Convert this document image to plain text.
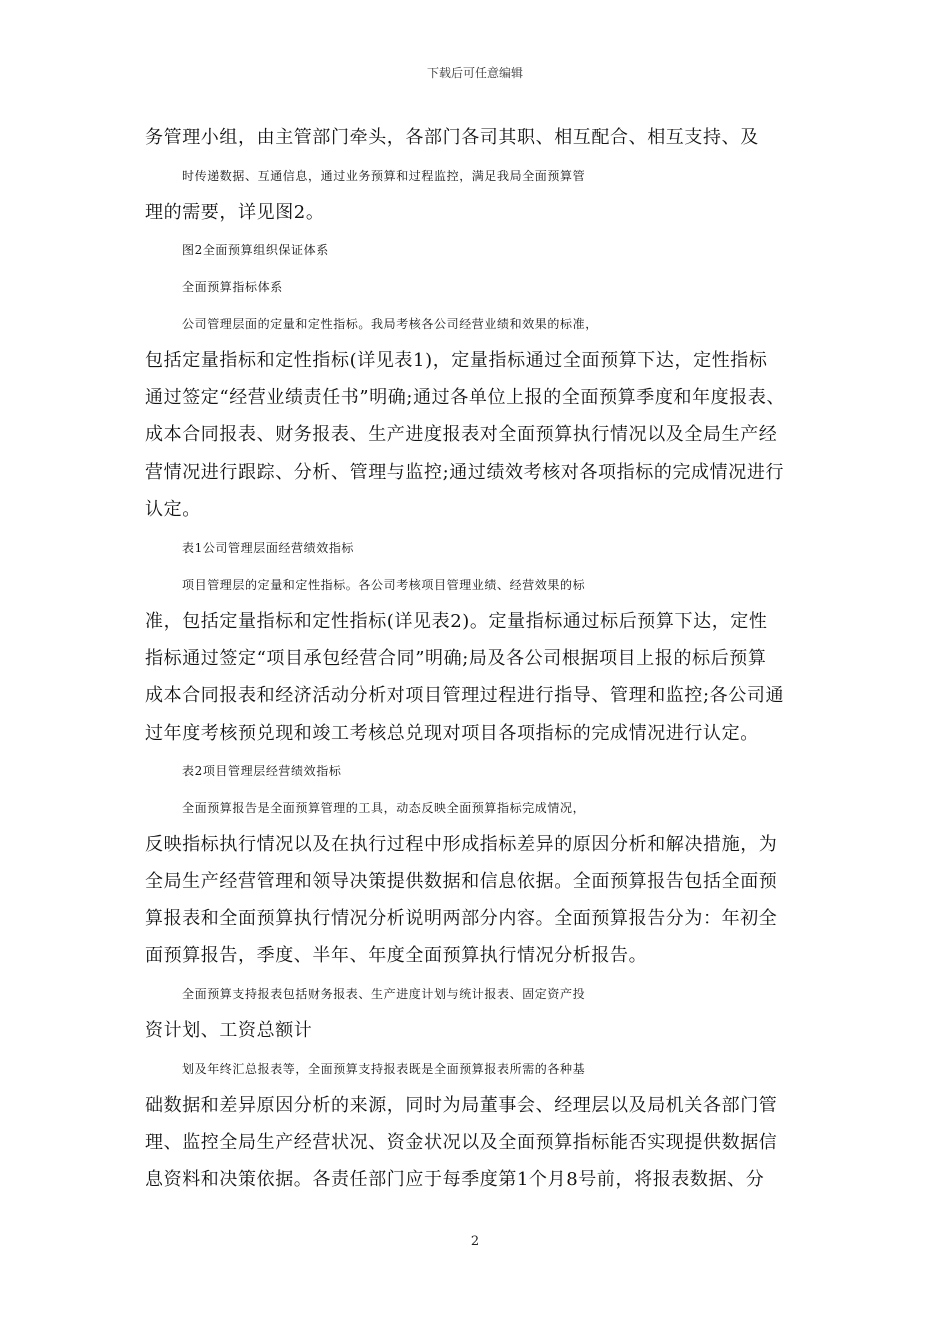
下载后可任意编辑
务管理小组，由主管部门牵头，各部门各司其职、相互配合、相互支持、及
时传递数据、互通信息，通过业务预算和过程监控，满足我局全面预算管
理的需要，详见图2。
图2全面预算组织保证体系
全面预算指标体系
公司管理层面的定量和定性指标。我局考核各公司经营业绩和效果的标准，
包括定量指标和定性指标(详见表1)，定量指标通过全面预算下达，定性指标
通过签定“经营业绩责任书”明确;通过各单位上报的全面预算季度和年度报表、
成本合同报表、财务报表、生产进度报表对全面预算执行情况以及全局生产经
营情况进行跟踪、分析、管理与监控;通过绩效考核对各项指标的完成情况进行
认定。
表1公司管理层面经营绩效指标
项目管理层的定量和定性指标。各公司考核项目管理业绩、经营效果的标
准，包括定量指标和定性指标(详见表2)。定量指标通过标后预算下达，定性
指标通过签定“项目承包经营合同”明确;局及各公司根据项目上报的标后预算
成本合同报表和经济活动分析对项目管理过程进行指导、管理和监控;各公司通
过年度考核预兑现和竣工考核总兑现对项目各项指标的完成情况进行认定。
表2项目管理层经营绩效指标
全面预算报告是全面预算管理的工具，动态反映全面预算指标完成情况，
反映指标执行情况以及在执行过程中形成指标差异的原因分析和解决措施，为
全局生产经营管理和领导决策提供数据和信息依据。全面预算报告包括全面预
算报表和全面预算执行情况分析说明两部分内容。全面预算报告分为：年初全
面预算报告，季度、半年、年度全面预算执行情况分析报告。
全面预算支持报表包括财务报表、生产进度计划与统计报表、固定资产投
资计划、工资总额计
划及年终汇总报表等，全面预算支持报表既是全面预算报表所需的各种基
础数据和差异原因分析的来源，同时为局董事会、经理层以及局机关各部门管
理、监控全局生产经营状况、资金状况以及全面预算指标能否实现提供数据信
息资料和决策依据。各责任部门应于每季度第1个月8号前，将报表数据、分
2
